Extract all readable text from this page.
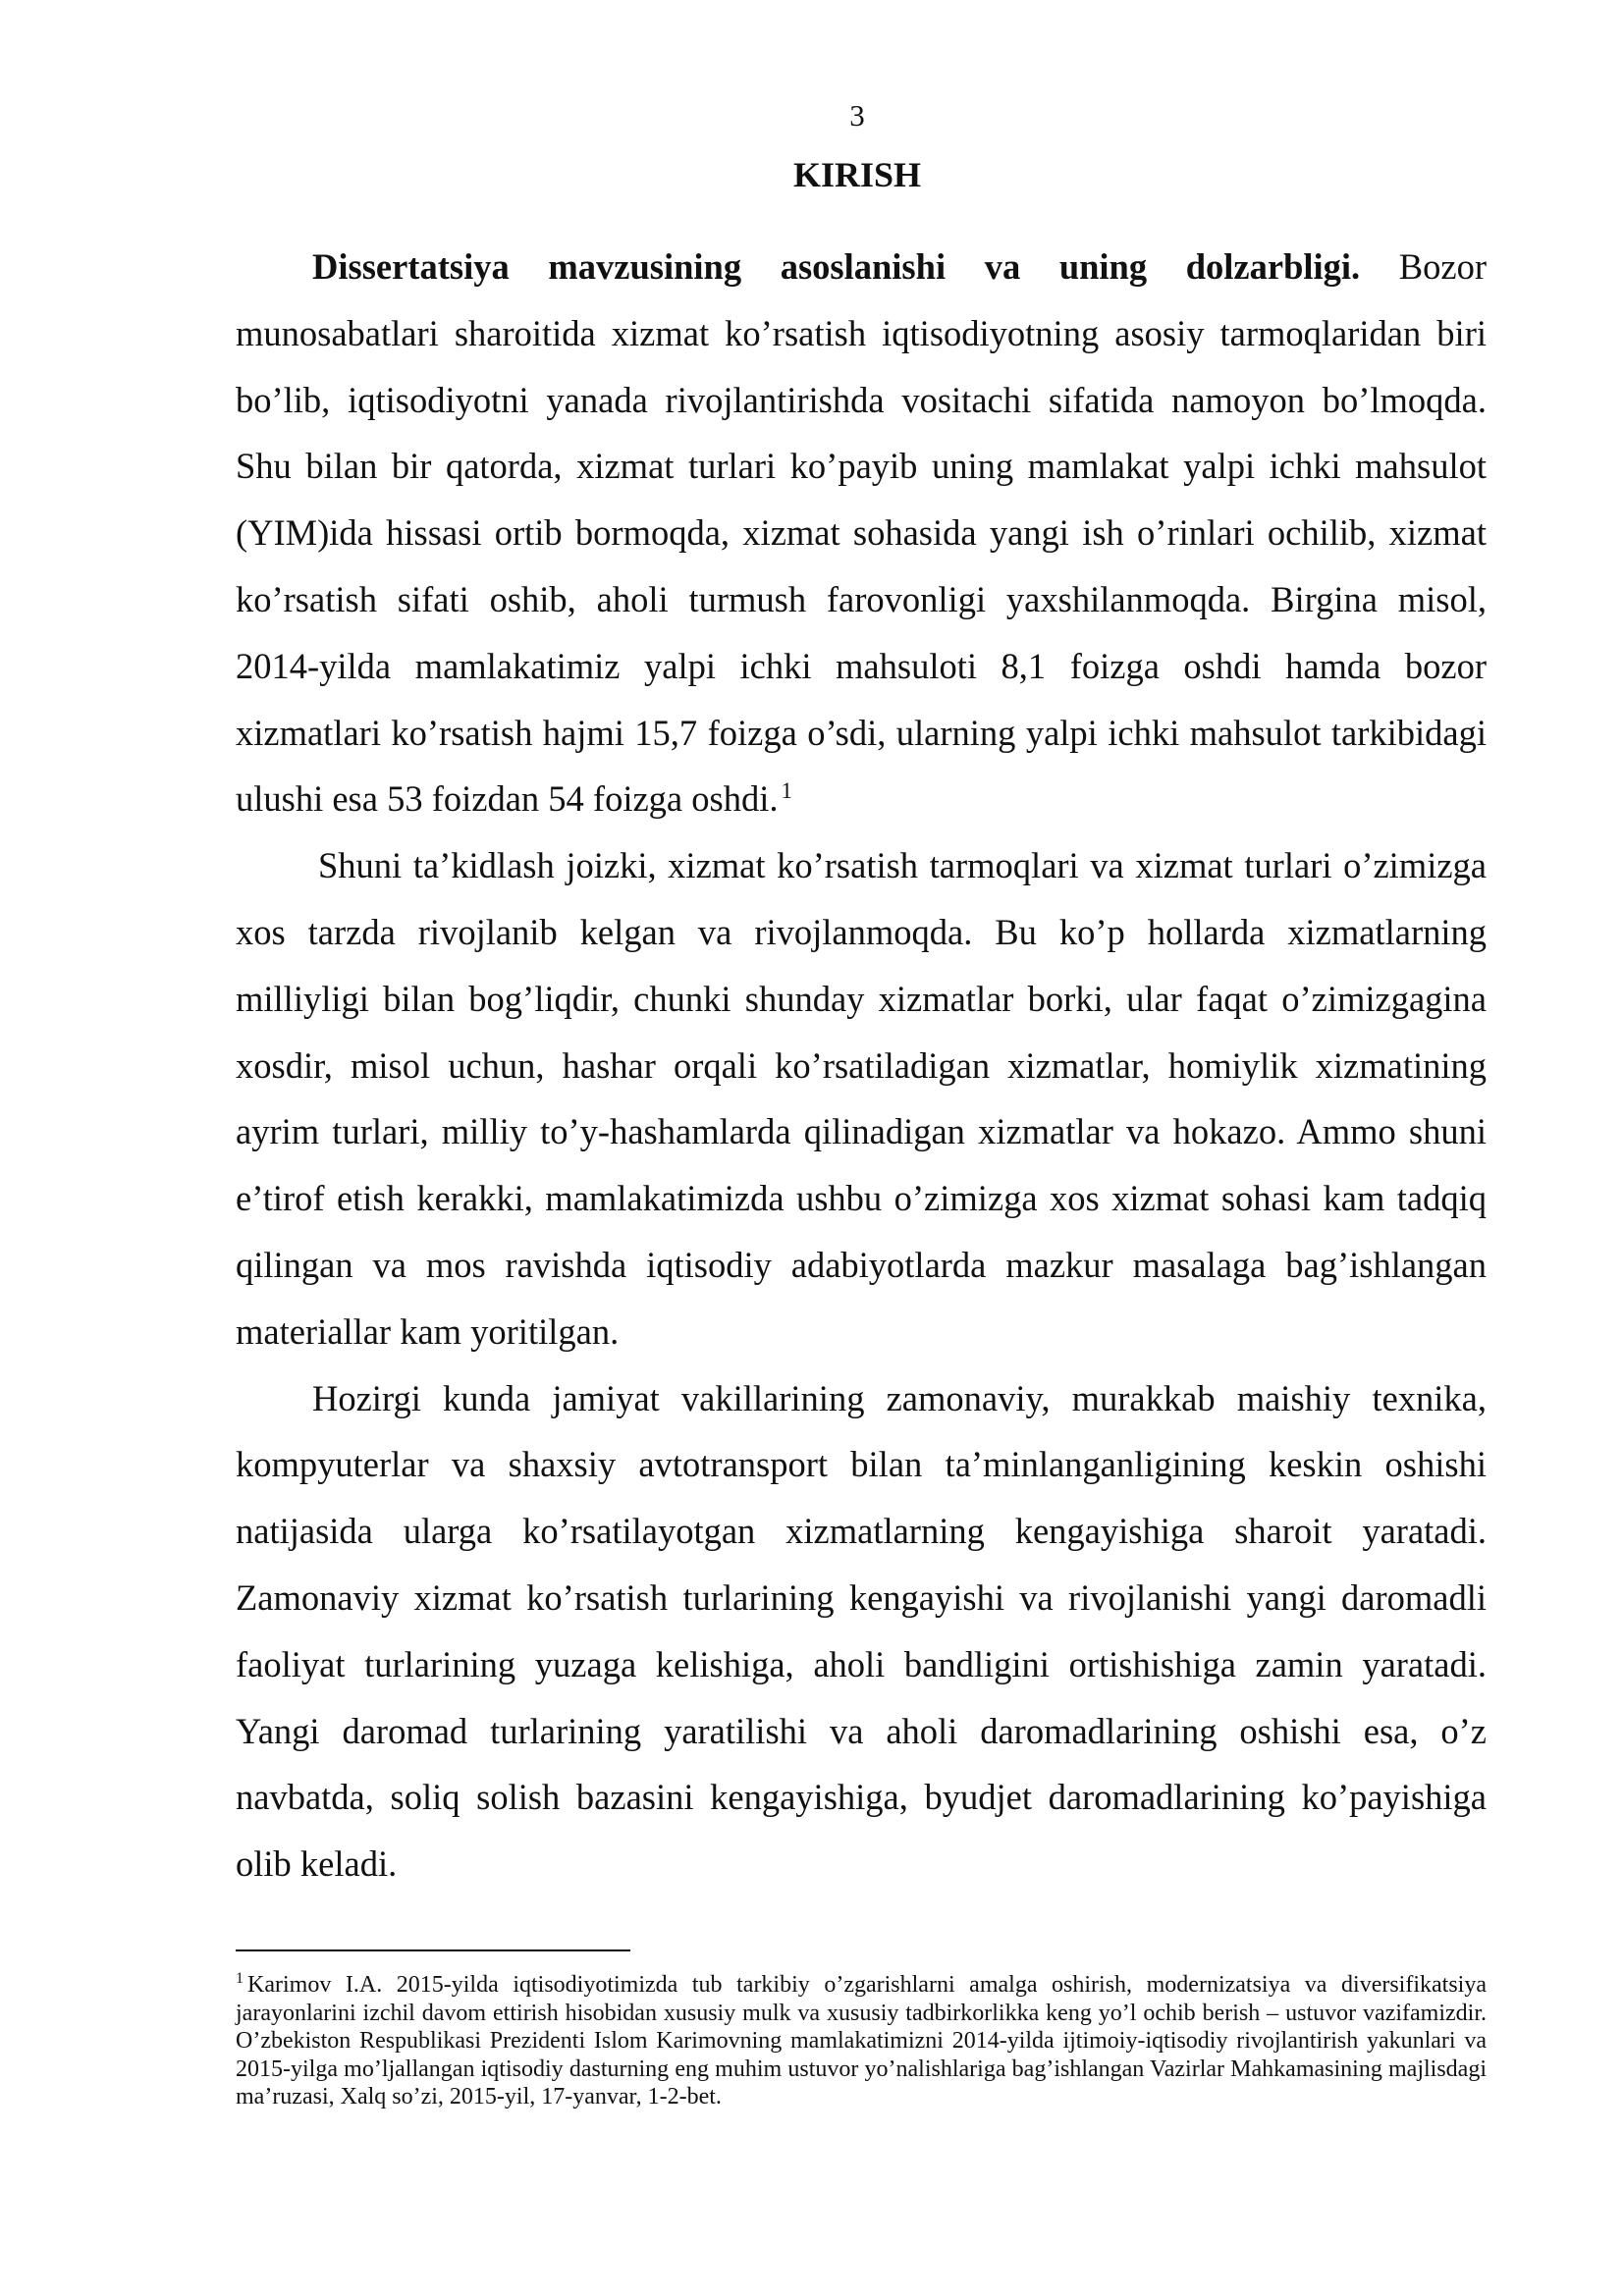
3
KIRISH

Dissertatsiya mavzusining asoslanishi va uning dolzarbligi. Bozor munosabatlari sharoitida xizmat ko’rsatish iqtisodiyotning asosiy tarmoqlaridan biri bo’lib, iqtisodiyotni yanada rivojlantirishda vositachi sifatida namoyon bo’lmoqda. Shu bilan bir qatorda, xizmat turlari ko’payib uning mamlakat yalpi ichki mahsulot (YIM)ida hissasi ortib bormoqda, xizmat sohasida yangi ish o’rinlari ochilib, xizmat ko’rsatish sifati oshib, aholi turmush farovonligi yaxshilanmoqda. Birgina misol, 2014-yilda mamlakatimiz yalpi ichki mahsuloti 8,1 foizga oshdi hamda bozor xizmatlari ko’rsatish hajmi 15,7 foizga o’sdi, ularning yalpi ichki mahsulot tarkibidagi ulushi esa 53 foizdan 54 foizga oshdi. $^1$

Shuni ta’kidlash joizki, xizmat ko’rsatish tarmoqlari va xizmat turlari o’zimizga xos tarzda rivojlanib kelgan va rivojlanmoqda. Bu ko’p hollarda xizmatlarning milliyligi bilan bog’liqdir, chunki shunday xizmatlar borki, ular faqat o’zimizgagina xosdir, misol uchun, hashar orqali ko’rsatiladigan xizmatlar, homiylik xizmatining ayrim turlari, milliy to’y-hashamlarda qilinadigan xizmatlar va hokazo. Ammo shuni e’tirof etish kerakki, mamlakatimizda ushbu o’zimizga xos xizmat sohasi kam tadqiq qilingan va mos ravishda iqtisodiy adabiyotlarda mazkur masalaga bag’ishlangan materiallar kam yoritilgan.

Hozirgi kunda jamiyat vakillarining zamonaviy, murakkab maishiy texnika, kompyuterlar va shaxsiy avtotransport bilan ta’minlanganligining keskin oshishi natijasida ularga ko’rsatilayotgan xizmatlarning kengayishiga sharoit yaratadi. Zamonaviy xizmat ko’rsatish turlarining kengayishi va rivojlanishi yangi daromadli faoliyat turlarining yuzaga kelishiga, aholi bandligini ortishishiga zamin yaratadi. Yangi daromad turlarining yaratilishi va aholi daromadlarining oshishi esa, o’z navbatda, soliq solish bazasini kengayishiga, byudjet daromadlarining ko’payishiga olib keladi.

$^1$ Karimov I.A. 2015-yilda iqtisodiyotimizda tub tarkibiy o’zgarishlarni amalga oshirish, modernizatsiya va diversifikatsiya jarayonlarini izchil davom ettirish hisobidan xususiy mulk va xususiy tadbirkorlikka keng yo’l ochib berish – ustuvor vazifamizdir. O’zbekiston Respublikasi Prezidenti Islom Karimovning mamlakatimizni 2014-yilda ijtimoiy-iqtisodiy rivojlantirish yakunlari va 2015-yilga mo’ljallangan iqtisodiy dasturning eng muhim ustuvor yo’nalishlariga bag’ishlangan Vazirlar Mahkamasining majlisdagi ma’ruzasi, Xalq so’zi, 2015-yil, 17-yanvar, 1-2-bet.
